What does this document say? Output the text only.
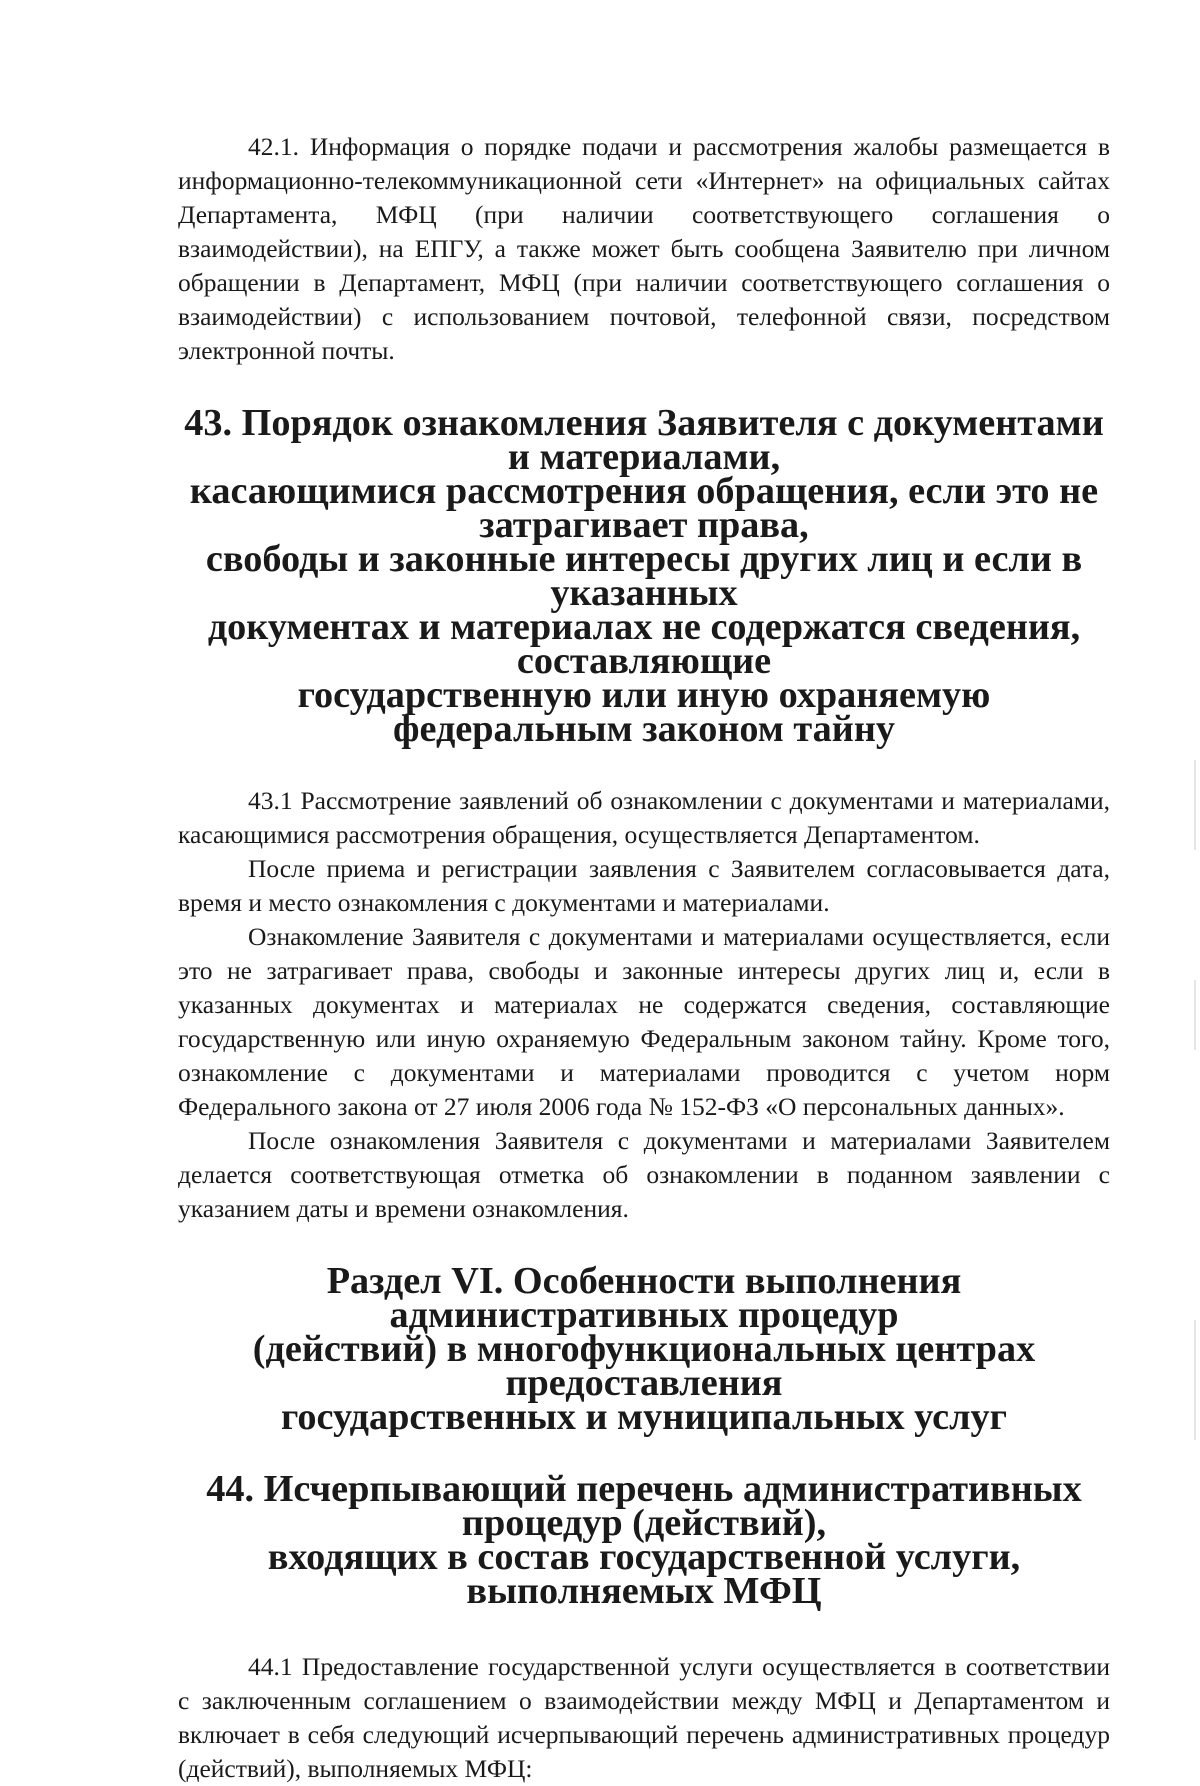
42.1. Информация о порядке подачи и рассмотрения жалобы размещается в информационно-телекоммуникационной сети «Интернет» на официальных сайтах Департамента, МФЦ (при наличии соответствующего соглашения о взаимодействии), на ЕПГУ, а также может быть сообщена Заявителю при личном обращении в Департамент, МФЦ (при наличии соответствующего соглашения о взаимодействии) с использованием почтовой, телефонной связи, посредством электронной почты.

43. Порядок ознакомления Заявителя с документами и материалами,
касающимися рассмотрения обращения, если это не затрагивает права,
свободы и законные интересы других лиц и если в указанных
документах и материалах не содержатся сведения, составляющие
государственную или иную охраняемую федеральным законом тайну

43.1 Рассмотрение заявлений об ознакомлении с документами и материалами, касающимися рассмотрения обращения, осуществляется Департаментом.

После приема и регистрации заявления с Заявителем согласовывается дата, время и место ознакомления с документами и материалами.

Ознакомление Заявителя с документами и материалами осуществляется, если это не затрагивает права, свободы и законные интересы других лиц и, если в указанных документах и материалах не содержатся сведения, составляющие государственную или иную охраняемую Федеральным законом тайну. Кроме того, ознакомление с документами и материалами проводится с учетом норм Федерального закона от 27 июля 2006 года № 152-ФЗ «О персональных данных».

После ознакомления Заявителя с документами и материалами Заявителем делается соответствующая отметка об ознакомлении в поданном заявлении с указанием даты и времени ознакомления.

Раздел VI. Особенности выполнения административных процедур
(действий) в многофункциональных центрах предоставления
государственных и муниципальных услуг
44. Исчерпывающий перечень административных процедур (действий),
входящих в состав государственной услуги, выполняемых МФЦ

44.1 Предоставление государственной услуги осуществляется в соответствии с заключенным соглашением о взаимодействии между МФЦ и Департаментом и включает в себя следующий исчерпывающий перечень административных процедур (действий), выполняемых МФЦ:
